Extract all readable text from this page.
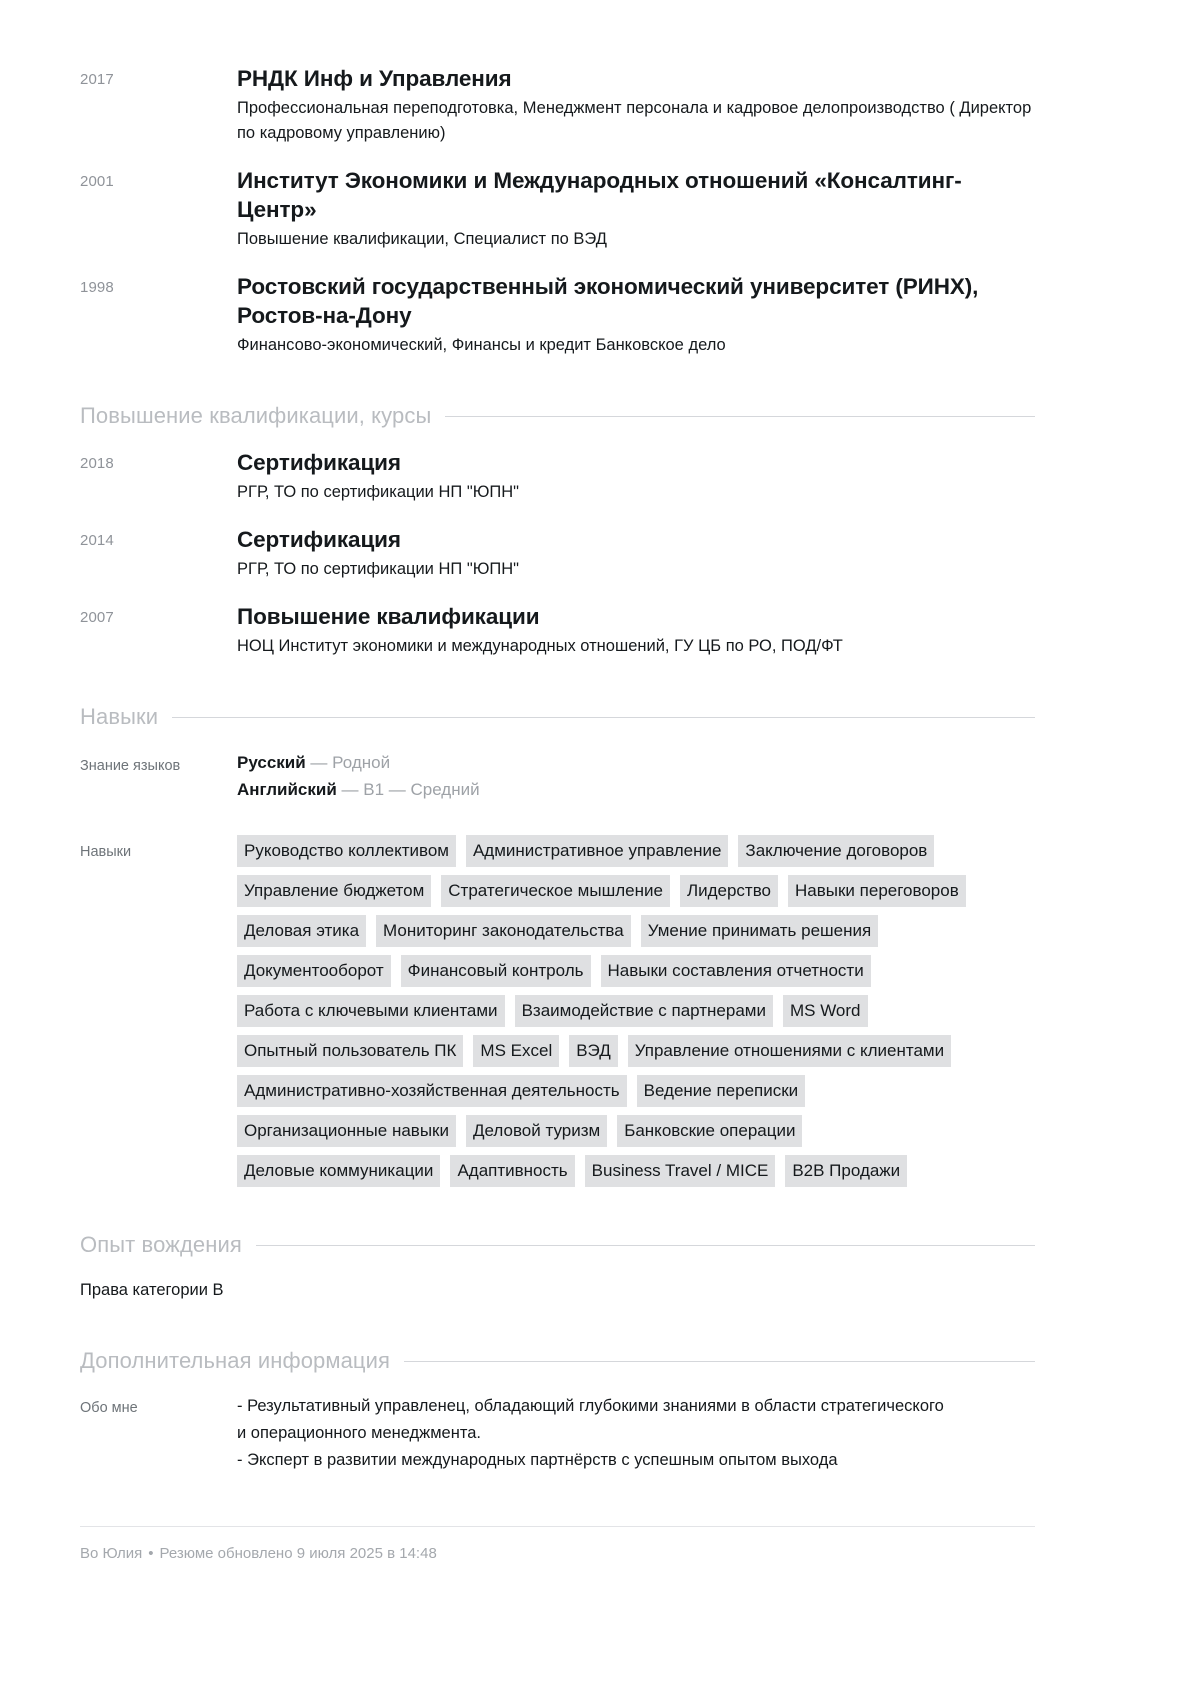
2017	РНДК Инф и Управления
Профессиональная переподготовка, Менеджмент персонала и кадровое делопроизводство ( Директор по кадровому управлению)
2001	Институт Экономики и Международных отношений «Консалтинг-Центр»
Повышение квалификации, Специалист по ВЭД
1998	Ростовский государственный экономический университет (РИНХ), Ростов-на-Дону
Финансово-экономический, Финансы и кредит Банковское дело
Повышение квалификации, курсы
2018	Сертификация
РГР, ТО по сертификации НП "ЮПН"
2014	Сертификация
РГР, ТО по сертификации НП "ЮПН"
2007	Повышение квалификации
НОЦ Институт экономики и международных отношений, ГУ ЦБ по РО, ПОД/ФТ
Навыки
Знание языков	Русский — Родной
Английский — B1 — Средний
Навыки	Руководство коллективом	Административное управление	Заключение договоров
Управление бюджетом	Стратегическое мышление	Лидерство	Навыки переговоров
Деловая этика	Мониторинг законодательства	Умение принимать решения
Документооборот	Финансовый контроль	Навыки составления отчетности
Работа с ключевыми клиентами	Взаимодействие с партнерами	MS Word
Опытный пользователь ПК	MS Excel	ВЭД	Управление отношениями с клиентами
Административно-хозяйственная деятельность	Ведение переписки
Организационные навыки	Деловой туризм	Банковские операции
Деловые коммуникации	Адаптивность	Business Travel / MICE	B2B Продажи
Опыт вождения
Права категории B
Дополнительная информация
Обо мне	- Результативный управленец, обладающий глубокими знаниями в области стратегического и операционного менеджмента.
- Эксперт в развитии международных партнёрств с успешным опытом выхода
Во Юлия • Резюме обновлено 9 июля 2025 в 14:48
